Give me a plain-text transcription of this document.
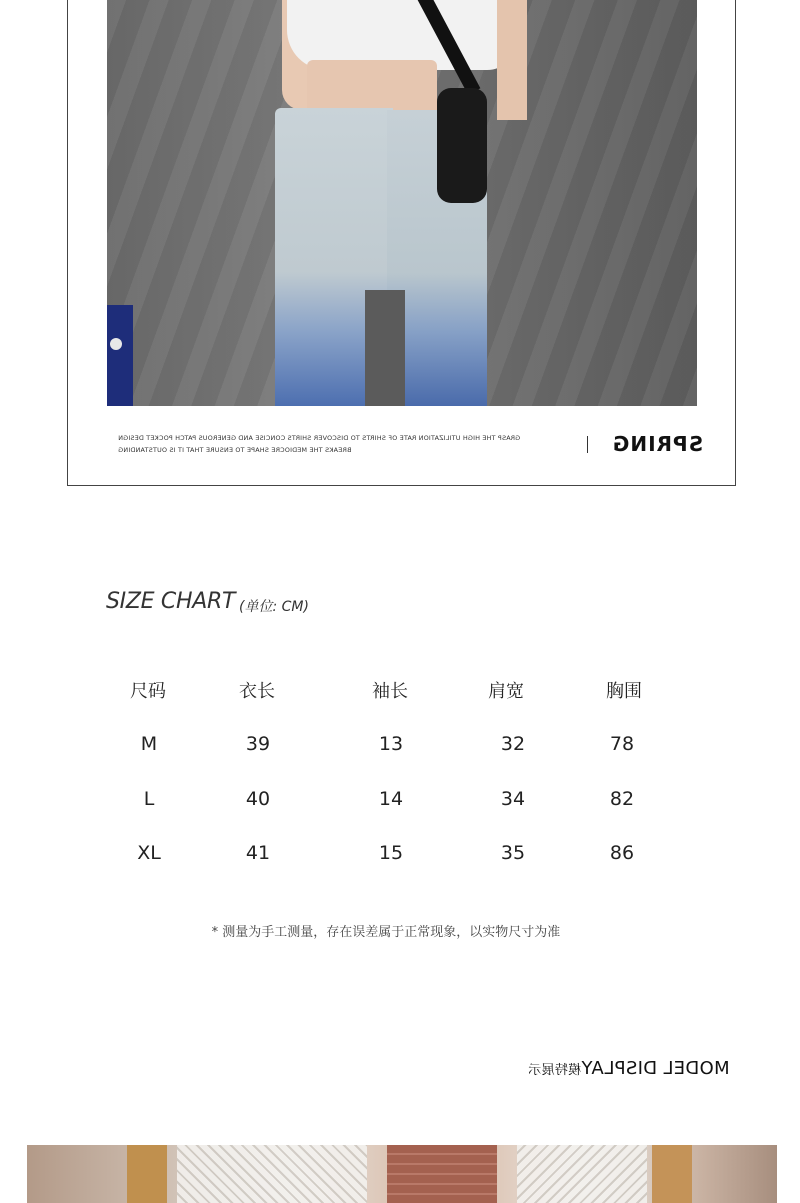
GRASP THE HIGH UTILIZATION RATE OF SHIRTS TO DISCOVER SHIRTS CONCISE AND GENEROUS PATCH POCKET DESIGN
BREAKS THE MEDIOCRE SHAPE TO ENSURE THAT IT IS OUTSTANDING	SPRING
SIZE CHART (单位: CM)
尺码	衣长	袖长	肩宽	胸围
M	39	13	32	78
L	40	14	34	82
XL	41	15	35	86
* 测量为手工测量，存在误差属于正常现象，以实物尺寸为准
MODEL DISPLAY模特展示
